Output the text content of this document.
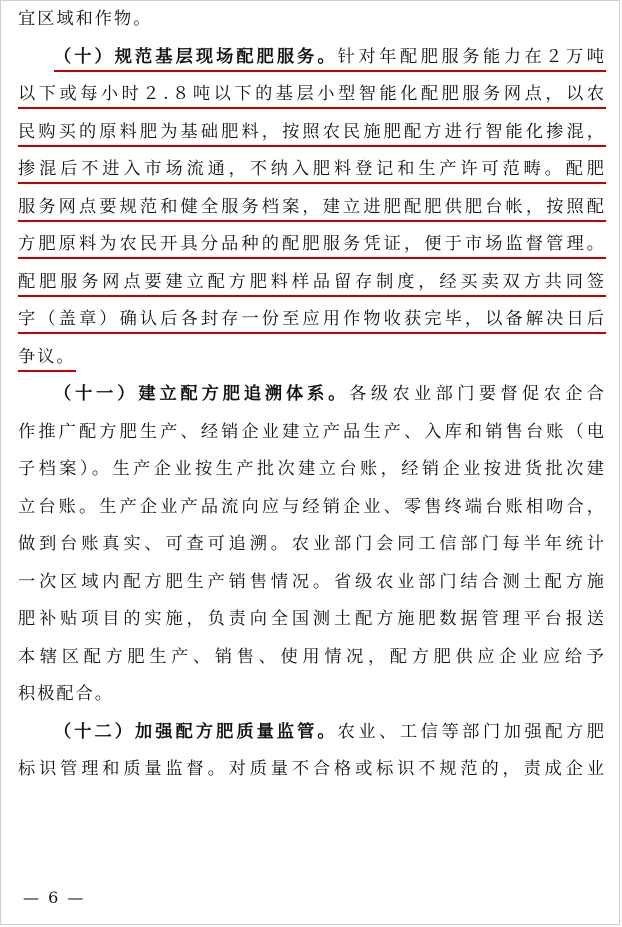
宜区域和作物。
（十）规范基层现场配肥服务。针对年配肥服务能力在２万吨
以下或每小时２.８吨以下的基层小型智能化配肥服务网点，以农
民购买的原料肥为基础肥料，按照农民施肥配方进行智能化掺混，
掺混后不进入市场流通，不纳入肥料登记和生产许可范畴。配肥
服务网点要规范和健全服务档案，建立进肥配肥供肥台帐，按照配
方肥原料为农民开具分品种的配肥服务凭证，便于市场监督管理。
配肥服务网点要建立配方肥料样品留存制度，经买卖双方共同签
字（盖章）确认后各封存一份至应用作物收获完毕，以备解决日后
争议。
（十一）建立配方肥追溯体系。各级农业部门要督促农企合
作推广配方肥生产、经销企业建立产品生产、入库和销售台账（电
子档案）。生产企业按生产批次建立台账，经销企业按进货批次建
立台账。生产企业产品流向应与经销企业、零售终端台账相吻合，
做到台账真实、可查可追溯。农业部门会同工信部门每半年统计
一次区域内配方肥生产销售情况。省级农业部门结合测土配方施
肥补贴项目的实施，负责向全国测土配方施肥数据管理平台报送
本辖区配方肥生产、销售、使用情况，配方肥供应企业应给予
积极配合。
（十二）加强配方肥质量监管。农业、工信等部门加强配方肥
标识管理和质量监督。对质量不合格或标识不规范的，责成企业
— 6 —
